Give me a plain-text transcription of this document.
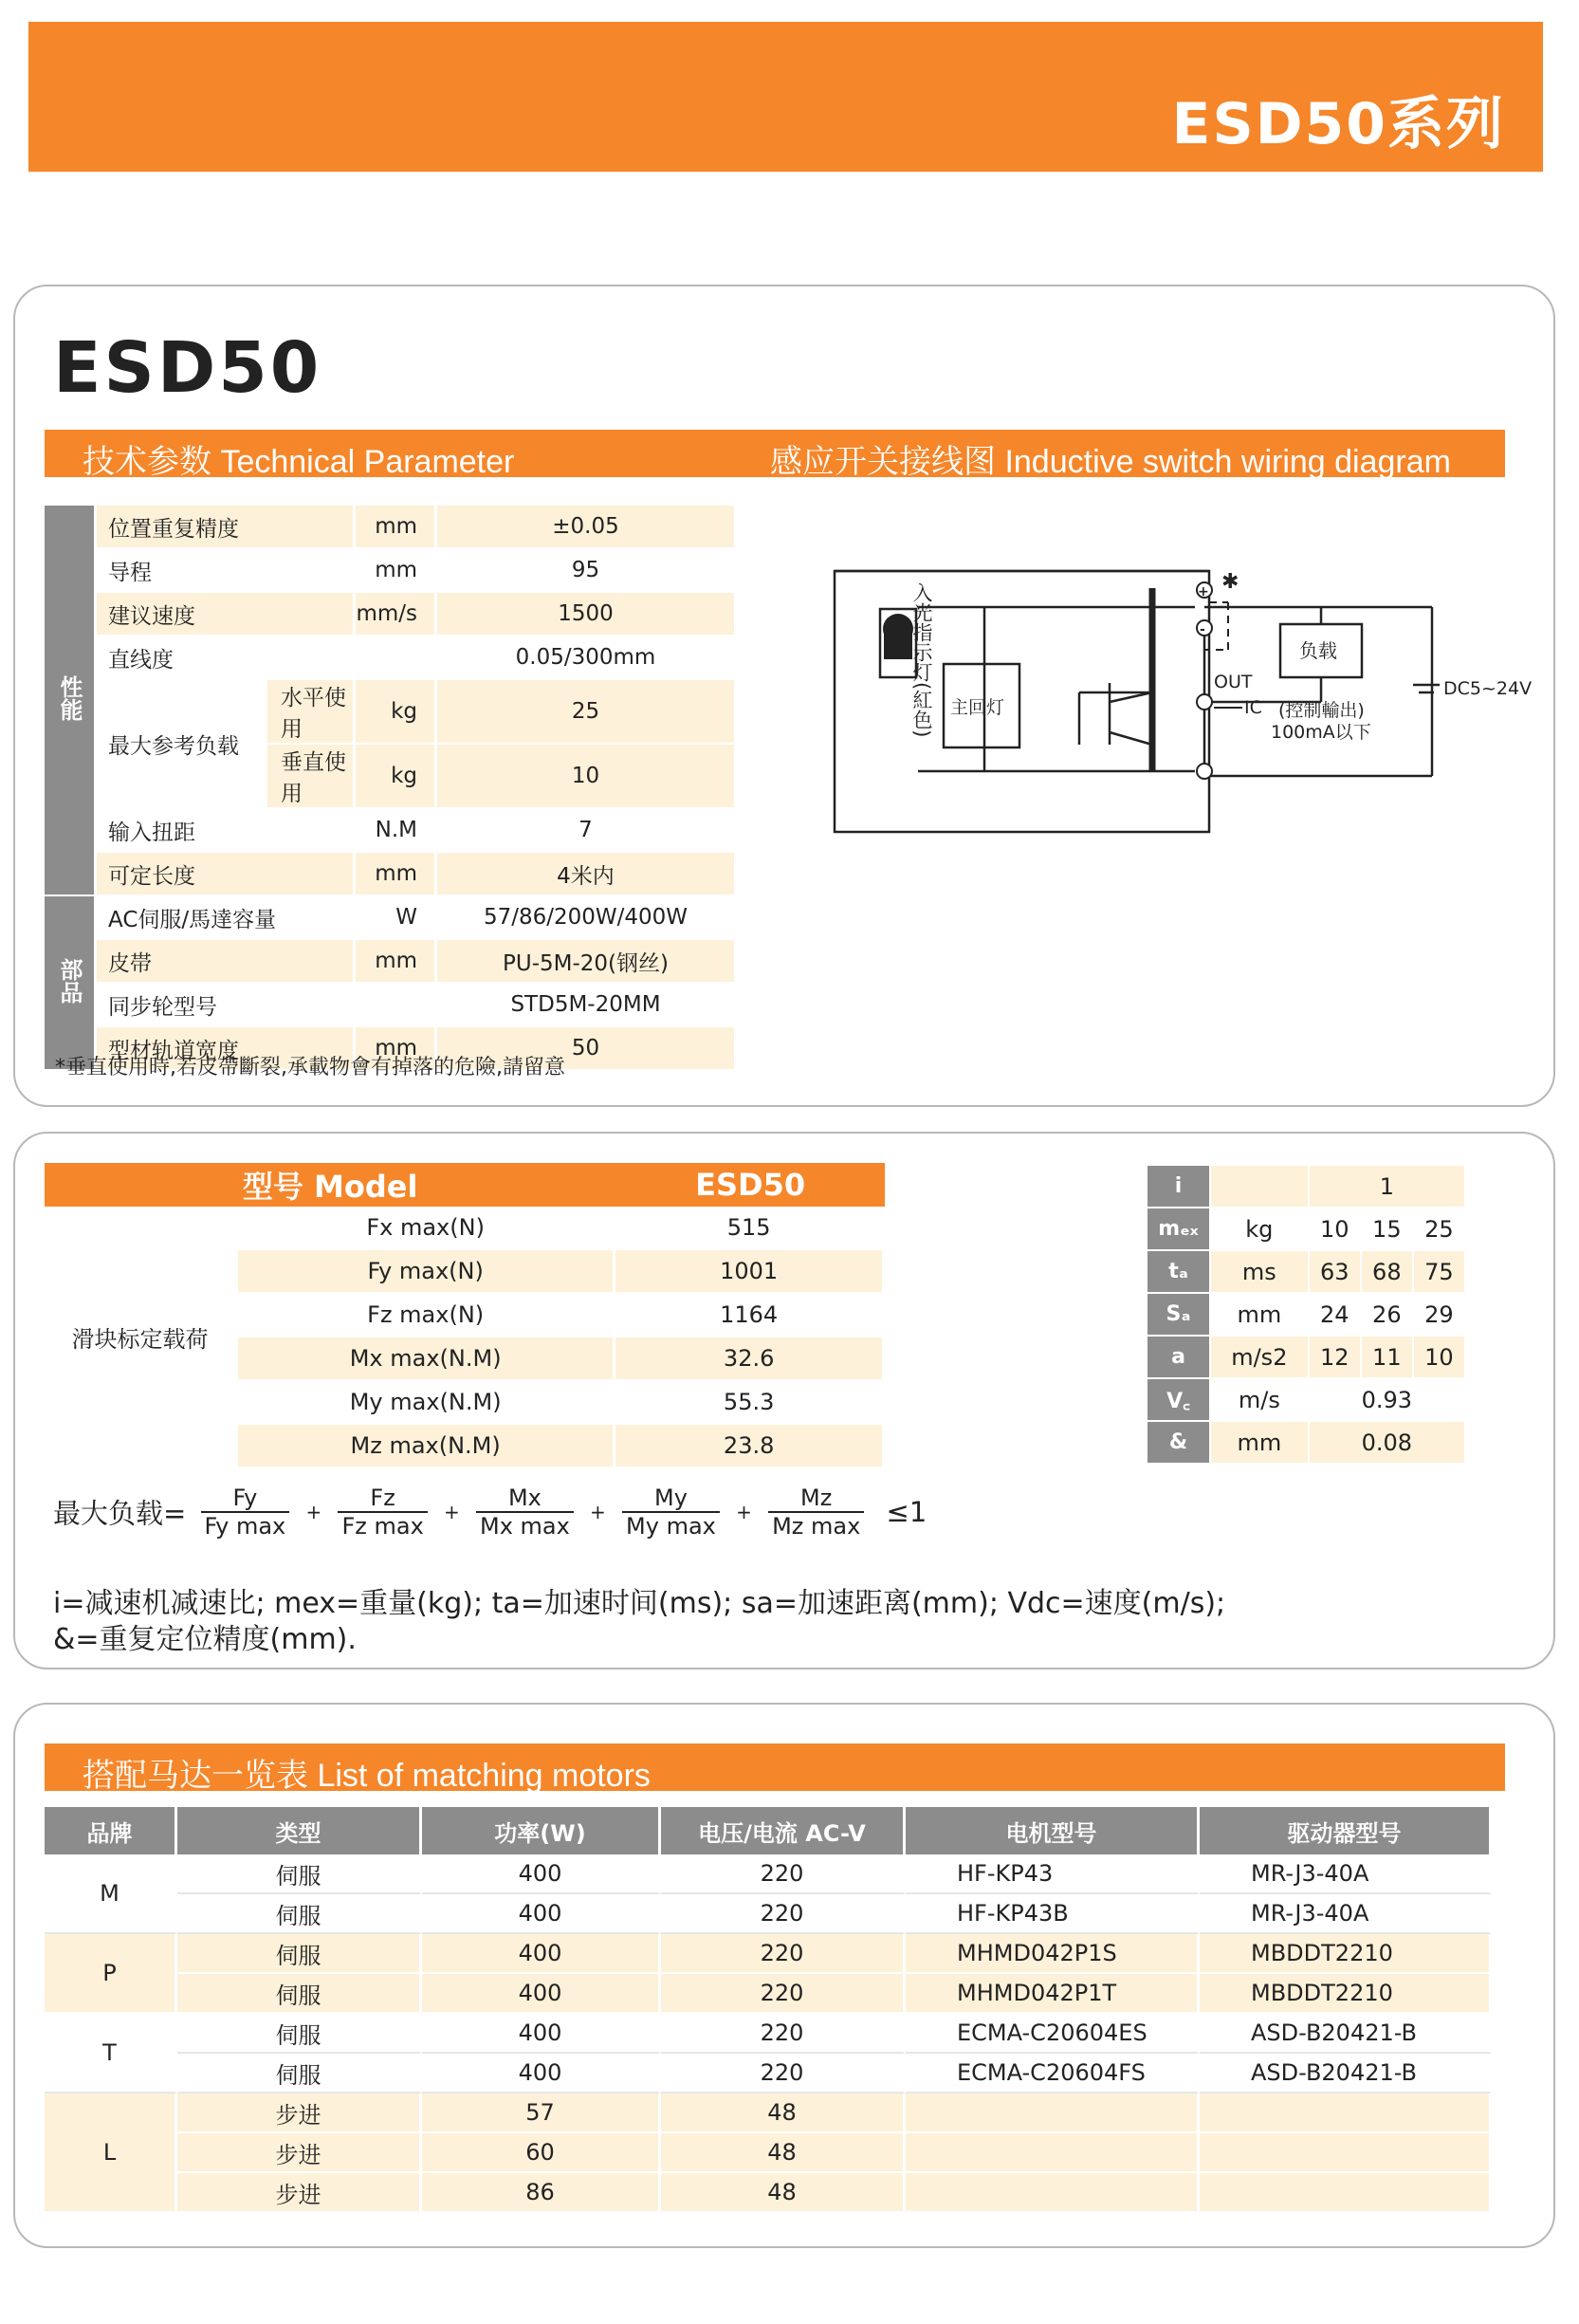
ESD50系列
ESD50
技术参数 Technical Parameter	感应开关接线图 Inductive switch wiring diagram
性能	位置重复精度		mm	±0.05
	导程		mm	95
	建议速度		mm/s	1500
	直线度			0.05/300mm
	最大参考负载	水平使用	kg	25
		垂直使用	kg	10
	输入扭距		N.M	7
	可定长度		mm	4米内
部品	AC伺服/馬達容量		W	57/86/200W/400W
	皮帯		mm	PU-5M-20(钢丝)
	同步轮型号			STD5M-20MM
	型材轨道宽度		mm	50
*垂直使用時,若皮帶斷裂,承載物會有掉落的危險,請留意
+
-
✱
入光指示灯(紅色) 主回灯
负载
OUT
IC (控制輸出)
100mA以下
DC5~24V
型号 Model		ESD50
滑块标定载荷	Fx max(N)	515
	Fy max(N)	1001
	Fz max(N)	1164
	Mx max(N.M)	32.6
	My max(N.M)	55.3
	Mz max(N.M)	23.8
i		1		
mₑₓ	kg	10	15	25
tₐ	ms	63	68	75
Sₐ	mm	24	26	29
a	m/s2	12	11	10
V꜀	m/s	0.93		
&	mm	0.08		
最大负载= $\frac{Fy}{\text{Fy max}} + \frac{Fz}{\text{Fz max}} + \frac{Mx}{\text{Mx max}} + \frac{My}{\text{My max}} + \frac{Mz}{\text{Mz max}} \le 1$
i=减速机减速比; mex=重量(kg); ta=加速时间(ms); sa=加速距离(mm); Vdc=速度(m/s);
&=重复定位精度(mm).
搭配马达一览表 List of matching motors
品牌	类型	功率(W)	电压/电流 AC-V	电机型号	驱动器型号
M	伺服	400	220	HF-KP43	MR-J3-40A
	伺服	400	220	HF-KP43B	MR-J3-40A
P	伺服	400	220	MHMD042P1S	MBDDT2210
	伺服	400	220	MHMD042P1T	MBDDT2210
T	伺服	400	220	ECMA-C20604ES	ASD-B20421-B
	伺服	400	220	ECMA-C20604FS	ASD-B20421-B
L	步进	57	48		
	步进	60	48		
	步进	86	48		
